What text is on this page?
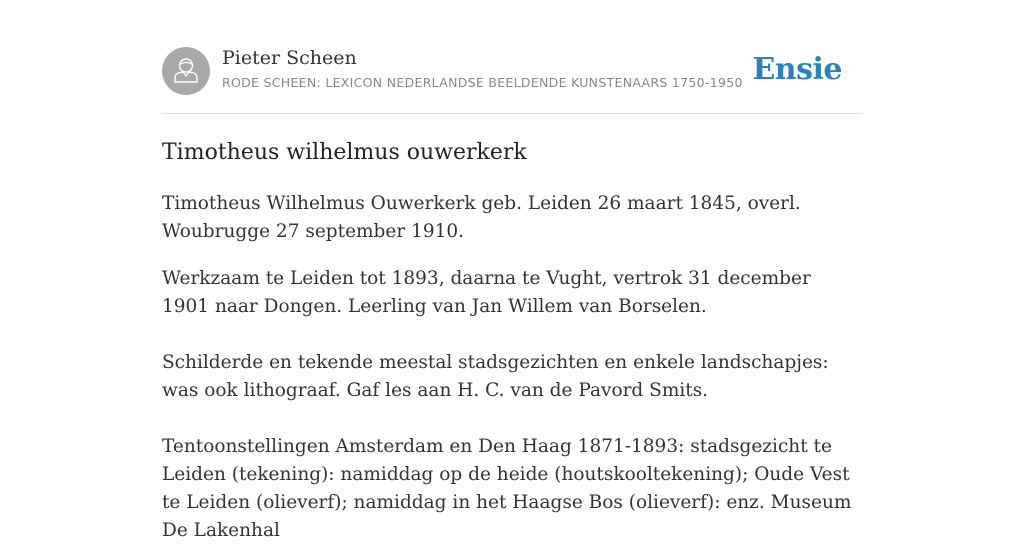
Pieter Scheen
RODE SCHEEN: LEXICON NEDERLANDSE BEELDENDE KUNSTENAARS 1750-1950 Ensie
Timotheus wilhelmus ouwerkerk

Timotheus Wilhelmus Ouwerkerk geb. Leiden 26 maart 1845, overl. Woubrugge 27 september 1910.

Werkzaam te Leiden tot 1893, daarna te Vught, vertrok 31 december 1901 naar Dongen. Leerling van Jan Willem van Borselen.

Schilderde en tekende meestal stadsgezichten en enkele landschapjes: was ook lithograaf. Gaf les aan H. C. van de Pavord Smits.

Tentoonstellingen Amsterdam en Den Haag 1871-1893: stadsgezicht te Leiden (tekening): namiddag op de heide (houtskooltekening); Oude Vest te Leiden (olieverf); namiddag in het Haagse Bos (olieverf): enz. Museum De Lakenhal
